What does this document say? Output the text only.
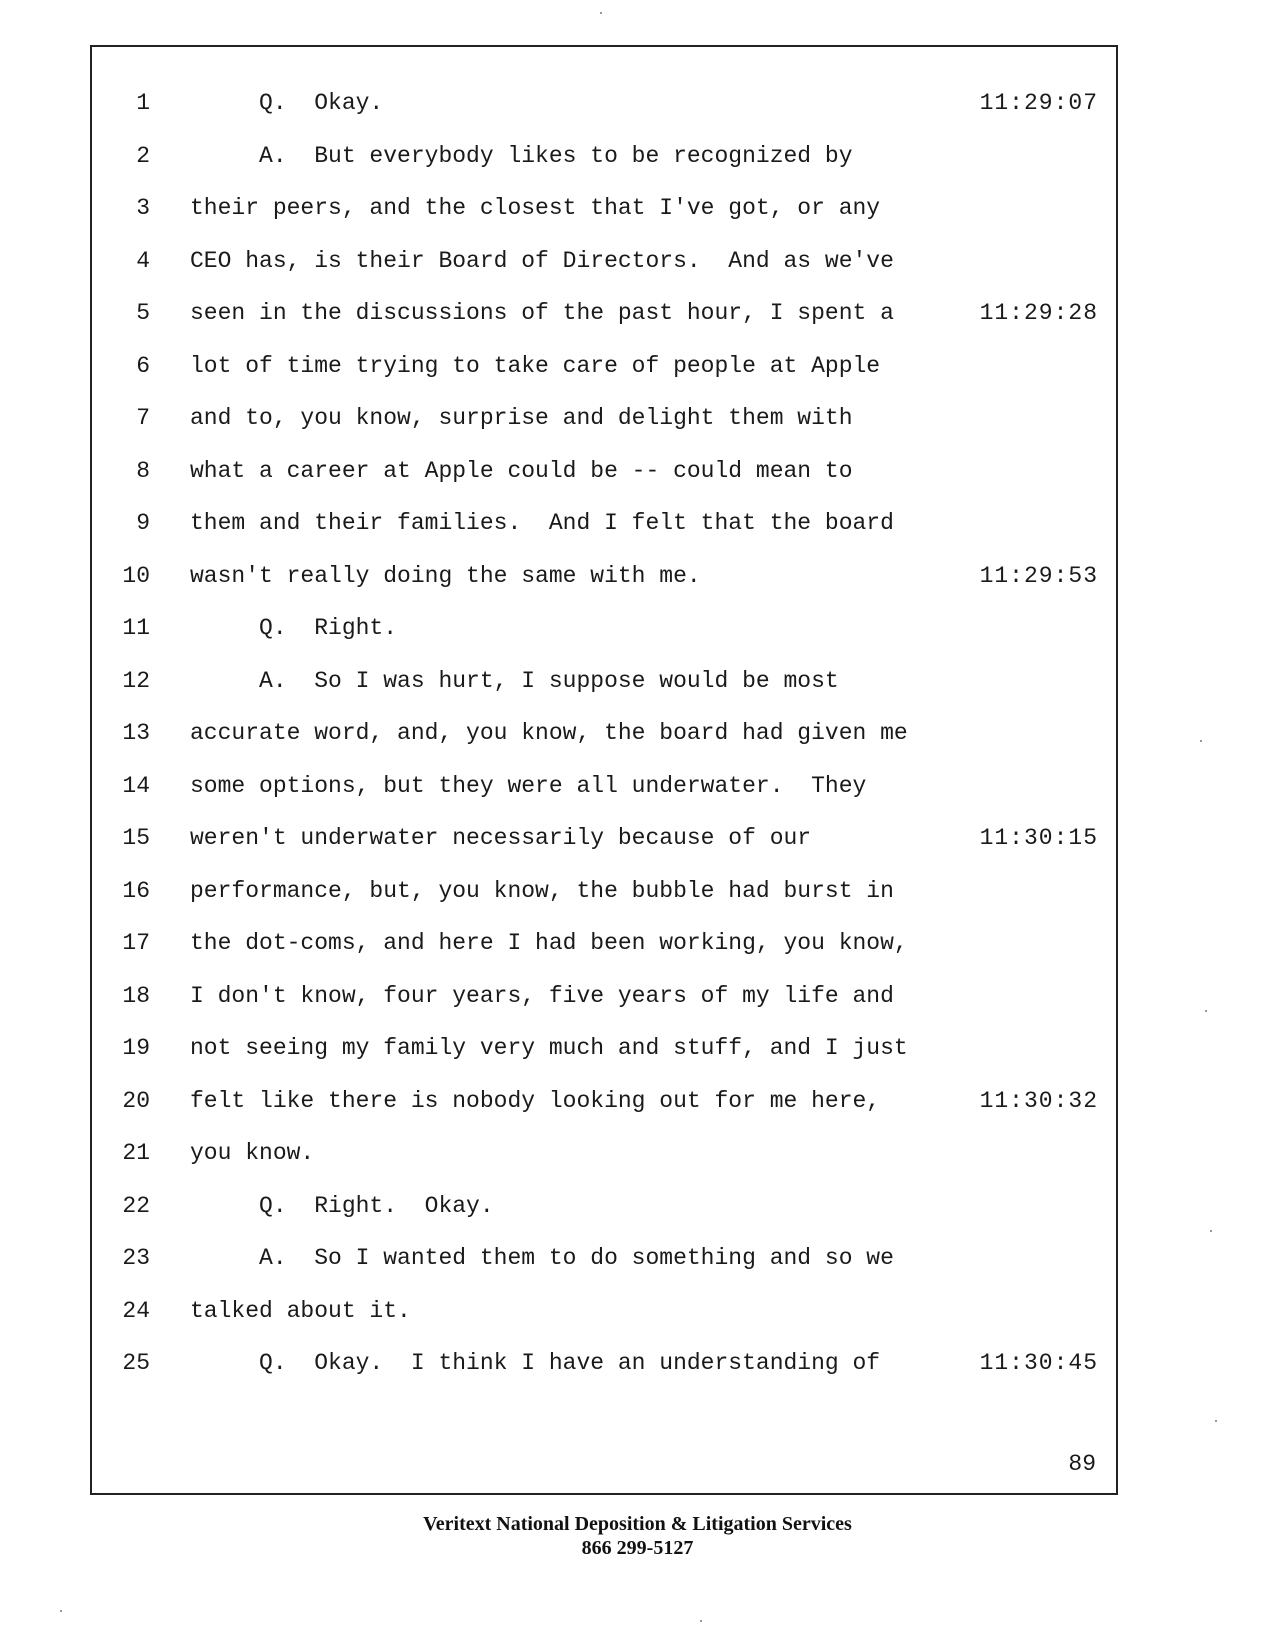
1 Q.  Okay.	11:29:07
2 A.  But everybody likes to be recognized by
3 their peers, and the closest that I've got, or any
4 CEO has, is their Board of Directors.  And as we've
5 seen in the discussions of the past hour, I spent a	11:29:28
6 lot of time trying to take care of people at Apple
7 and to, you know, surprise and delight them with
8 what a career at Apple could be -- could mean to
9 them and their families.  And I felt that the board
10 wasn't really doing the same with me.	11:29:53
11 Q.  Right.
12 A.  So I was hurt, I suppose would be most
13 accurate word, and, you know, the board had given me
14 some options, but they were all underwater.  They
15 weren't underwater necessarily because of our	11:30:15
16 performance, but, you know, the bubble had burst in
17 the dot-coms, and here I had been working, you know,
18 I don't know, four years, five years of my life and
19 not seeing my family very much and stuff, and I just
20 felt like there is nobody looking out for me here,	11:30:32
21 you know.
22 Q.  Right.  Okay.
23 A.  So I wanted them to do something and so we
24 talked about it.
25 Q.  Okay.  I think I have an understanding of	11:30:45
89
Veritext National Deposition & Litigation Services
866 299-5127
